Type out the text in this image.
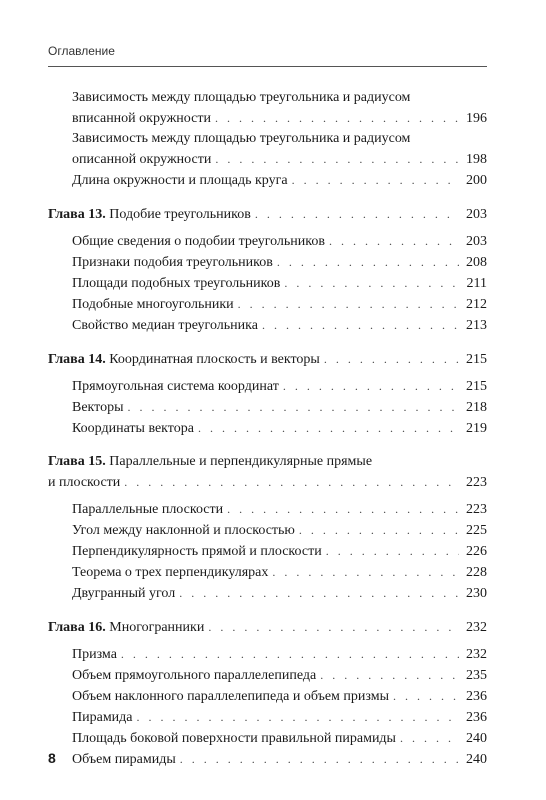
Оглавление
Зависимость между площадью треугольника и радиусом
вписанной окружности . . .	196
Зависимость между площадью треугольника и радиусом
описанной окружности . . .	198
Длина окружности и площадь круга . . .	200
Глава 13. Подобие треугольников . . .	203
Общие сведения о подобии треугольников . . .	203
Признаки подобия треугольников . . .	208
Площади подобных треугольников . . .	211
Подобные многоугольники . . .	212
Свойство медиан треугольника . . .	213
Глава 14. Координатная плоскость и векторы . . .	215
Прямоугольная система координат . . .	215
Векторы . . .	218
Координаты вектора . . .	219
Глава 15. Параллельные и перпендикулярные прямые
и плоскости . . .	223
Параллельные плоскости . . .	223
Угол между наклонной и плоскостью . . .	225
Перпендикулярность прямой и плоскости . . .	226
Теорема о трех перпендикулярах . . .	228
Двугранный угол . . .	230
Глава 16. Многогранники . . .	232
Призма . . .	232
Объем прямоугольного параллелепипеда . . .	235
Объем наклонного параллелепипеда и объем призмы . . .	236
Пирамида . . .	236
Площадь боковой поверхности правильной пирамиды . . .	240
Объем пирамиды . . .	240
8
